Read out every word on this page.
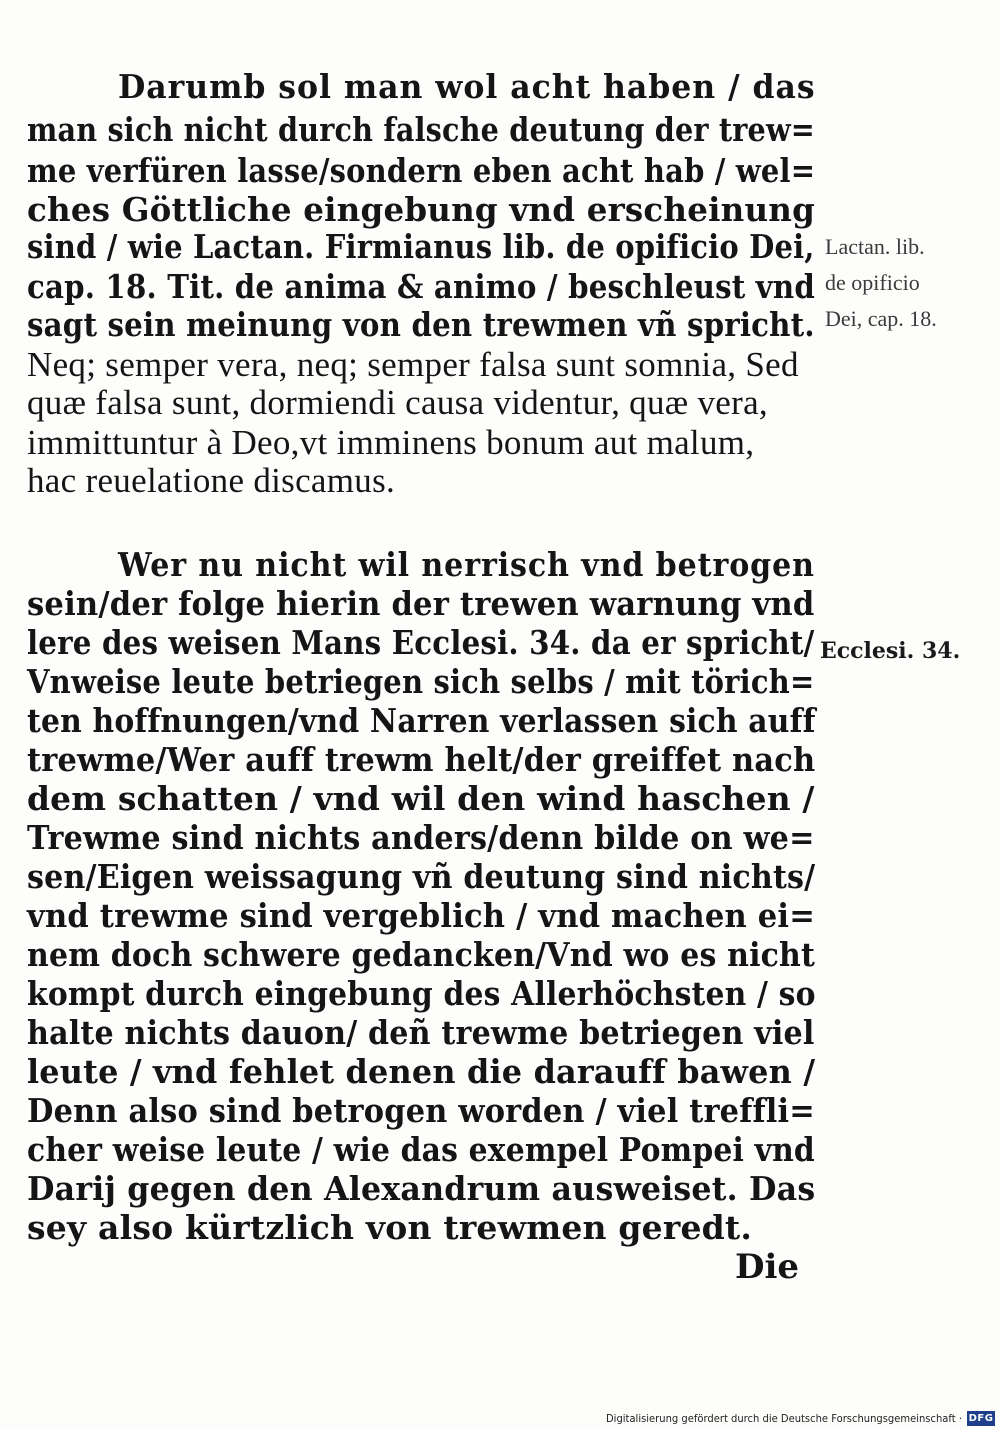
Darumb sol man wol acht haben / das
man sich nicht durch falsche deutung der trew=
me verfüren lasse/sondern eben acht hab / wel=
ches Göttliche eingebung vnd erscheinung
sind / wie Lactan. Firmianus lib. de opificio Dei,
cap. 18. Tit. de anima & animo / beschleust vnd
sagt sein meinung von den trewmen vñ spricht.
Neq; semper vera, neq; semper falsa sunt somnia, Sed
quæ falsa sunt, dormiendi causa videntur, quæ vera,
immittuntur à Deo,vt imminens bonum aut malum,
hac reuelatione discamus.
Lactan. lib.
de opificio
Dei, cap. 18.
Wer nu nicht wil nerrisch vnd betrogen
sein/der folge hierin der trewen warnung vnd
lere des weisen Mans Ecclesi. 34. da er spricht/
Vnweise leute betriegen sich selbs / mit törich=
ten hoffnungen/vnd Narren verlassen sich auff
trewme/Wer auff trewm helt/der greiffet nach
dem schatten / vnd wil den wind haschen /
Trewme sind nichts anders/denn bilde on we=
sen/Eigen weissagung vñ deutung sind nichts/
vnd trewme sind vergeblich / vnd machen ei=
nem doch schwere gedancken/Vnd wo es nicht
kompt durch eingebung des Allerhöchsten / so
halte nichts dauon/ deñ trewme betriegen viel
leute / vnd fehlet denen die darauff bawen /
Denn also sind betrogen worden / viel treffli=
cher weise leute / wie das exempel Pompei vnd
Darij gegen den Alexandrum ausweiset. Das
sey also kürtzlich von trewmen geredt.
Ecclesi. 34.
Die
Digitalisierung gefördert durch die Deutsche Forschungsgemeinschaft · DFG
